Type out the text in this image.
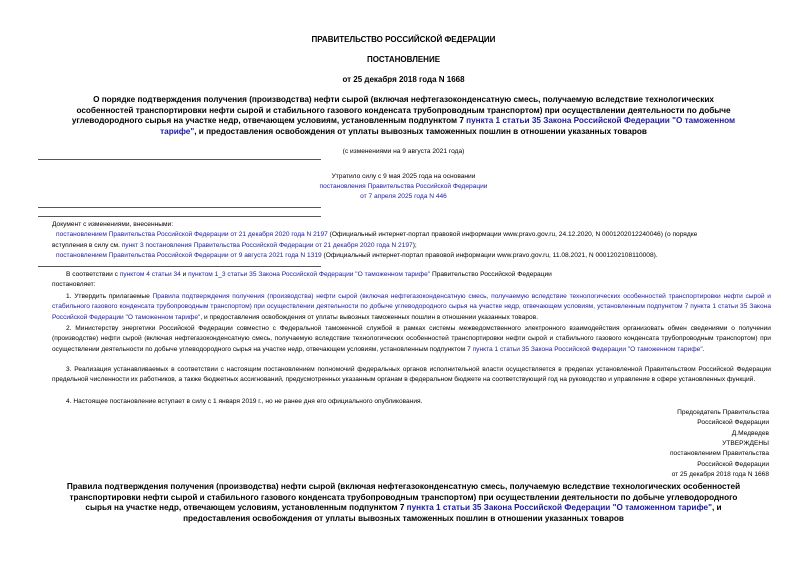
ПРАВИТЕЛЬСТВО РОССИЙСКОЙ ФЕДЕРАЦИИ
ПОСТАНОВЛЕНИЕ
от 25 декабря 2018 года N 1668
О порядке подтверждения получения (производства) нефти сырой (включая нефтегазоконденсатную смесь, получаемую вследствие технологических
особенностей транспортировки нефти сырой и стабильного газового конденсата трубопроводным транспортом) при осуществлении деятельности по добыче
углеводородного сырья на участке недр, отвечающем условиям, установленным подпунктом 7 пункта 1 статьи 35 Закона Российской Федерации "О таможенном
тарифе", и предоставления освобождения от уплаты вывозных таможенных пошлин в отношении указанных товаров
(с изменениями на 9 августа 2021 года)
Утратило силу с 9 мая 2025 года на основании
постановления Правительства Российской Федерации
от 7 апреля 2025 года N 446
Документ с изменениями, внесенными:
постановлением Правительства Российской Федерации от 21 декабря 2020 года N 2197 (Официальный интернет-портал правовой информации www.pravo.gov.ru, 24.12.2020, N 0001202012240046) (о порядке
вступления в силу см. пункт 3 постановления Правительства Российской Федерации от 21 декабря 2020 года N 2197);
постановлением Правительства Российской Федерации от 9 августа 2021 года N 1319 (Официальный интернет-портал правовой информации www.pravo.gov.ru, 11.08.2021, N 0001202108110008).

В соответствии с пунктом 4 статьи 34 и пунктом 1_3 статьи 35 Закона Российской Федерации "О таможенном тарифе" Правительство Российской Федерации

постановляет:

1. Утвердить прилагаемые Правила подтверждения получения (производства) нефти сырой (включая нефтегазоконденсатную смесь, получаемую вследствие технологических особенностей транспортировки нефти сырой и стабильного газового конденсата трубопроводным транспортом) при осуществлении деятельности по добыче углеводородного сырья на участке недр, отвечающем условиям, установленным подпунктом 7 пункта 1 статьи 35 Закона Российской Федерации "О таможенном тарифе", и предоставления освобождения от уплаты вывозных таможенных пошлин в отношении указанных товаров.

2. Министерству энергетики Российской Федерации совместно с Федеральной таможенной службой в рамках системы межведомственного электронного взаимодействия организовать обмен сведениями о получении (производстве) нефти сырой (включая нефтегазоконденсатную смесь, получаемую вследствие технологических особенностей транспортировки нефти сырой и стабильного газового конденсата трубопроводным транспортом) при осуществлении деятельности по добыче углеводородного сырья на участке недр, отвечающем условиям, установленным подпунктом 7 пункта 1 статьи 35 Закона Российской Федерации "О таможенном тарифе".

3. Реализация устанавливаемых в соответствии с настоящим постановлением полномочий федеральных органов исполнительной власти осуществляется в пределах установленной Правительством Российской Федерации предельной численности их работников, а также бюджетных ассигнований, предусмотренных указанным органам в федеральном бюджете на соответствующий год на руководство и управление в сфере установленных функций.

4. Настоящее постановление вступает в силу с 1 января 2019 г., но не ранее дня его официального опубликования.

Председатель Правительства
Российской Федерации
Д.Медведев
УТВЕРЖДЕНЫ
постановлением Правительства
Российской Федерации
от 25 декабря 2018 года N 1668
Правила подтверждения получения (производства) нефти сырой (включая нефтегазоконденсатную смесь, получаемую вследствие технологических особенностей
транспортировки нефти сырой и стабильного газового конденсата трубопроводным транспортом) при осуществлении деятельности по добыче углеводородного
сырья на участке недр, отвечающем условиям, установленным подпунктом 7 пункта 1 статьи 35 Закона Российской Федерации "О таможенном тарифе", и
предоставления освобождения от уплаты вывозных таможенных пошлин в отношении указанных товаров
